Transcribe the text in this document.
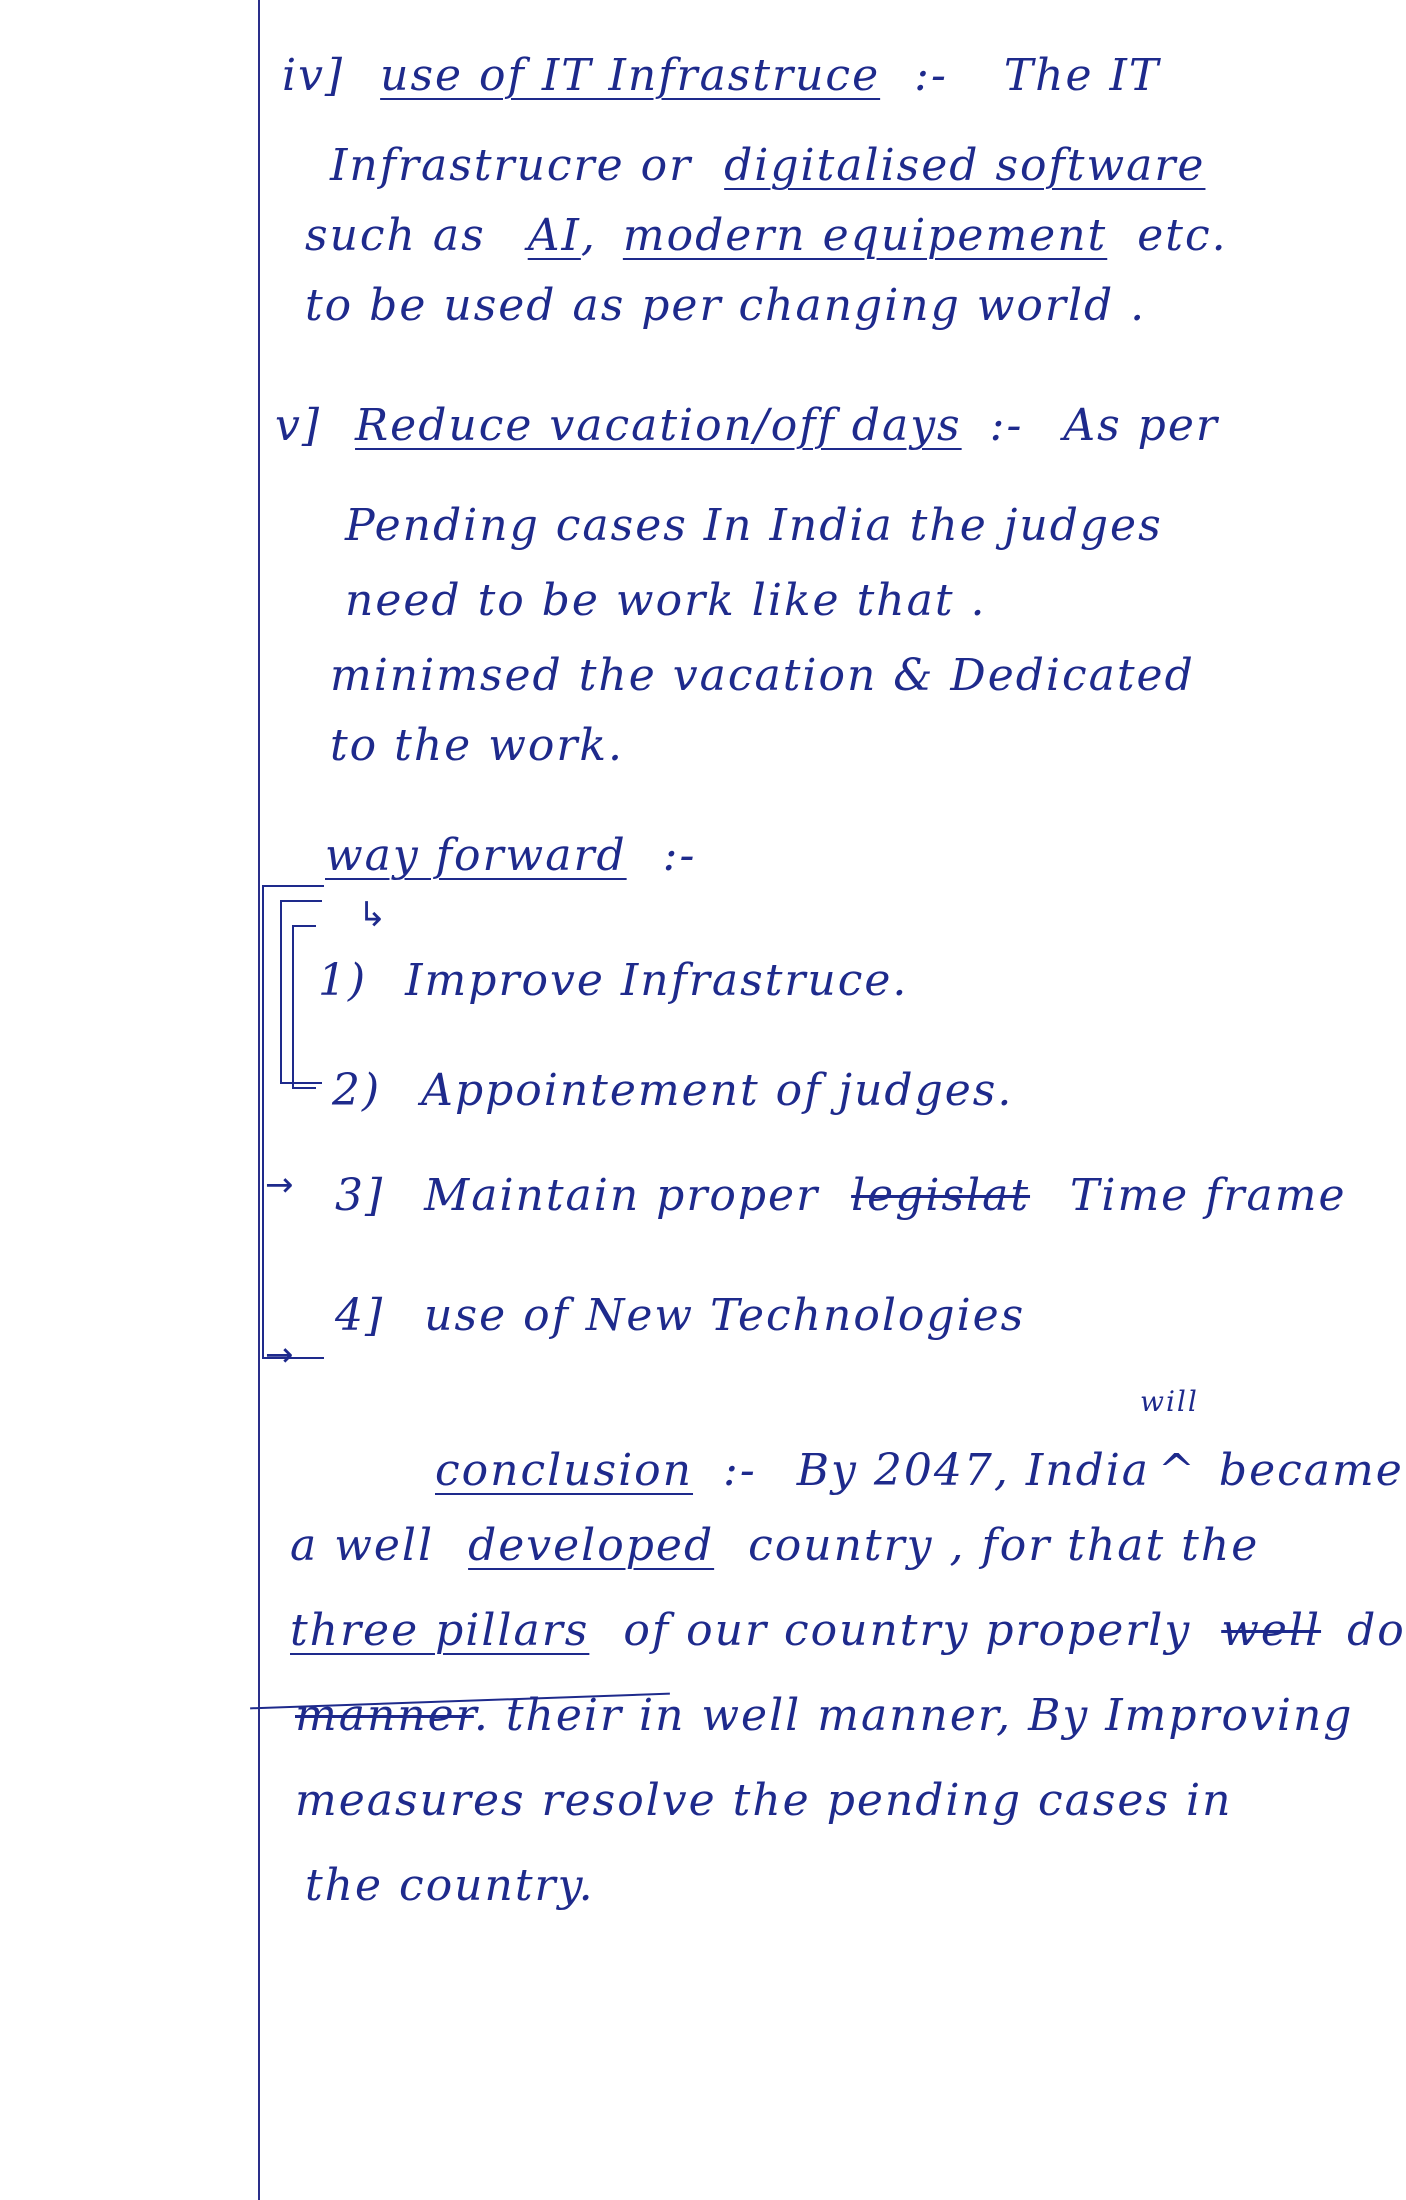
iv] use of IT Infrastruce :- The IT
Infrastrucre or digitalised software
such as AI, modern equipement etc.
to be used as per changing world .
v] Reduce vacation/off days :- As per
Pending cases In India the judges
need to be work like that .
minimsed the vacation & Dedicated
to the work.
way forward :-
↳
→
→
1) Improve Infrastruce.
2) Appointement of judges.
3] Maintain proper legislat Time frame
4] use of New Technologies
will
conclusion :- By 2047, India ^ became
a well developed country , for that the
three pillars of our country properly well do
manner. their in well manner, By Improving
measures resolve the pending cases in
the country.
